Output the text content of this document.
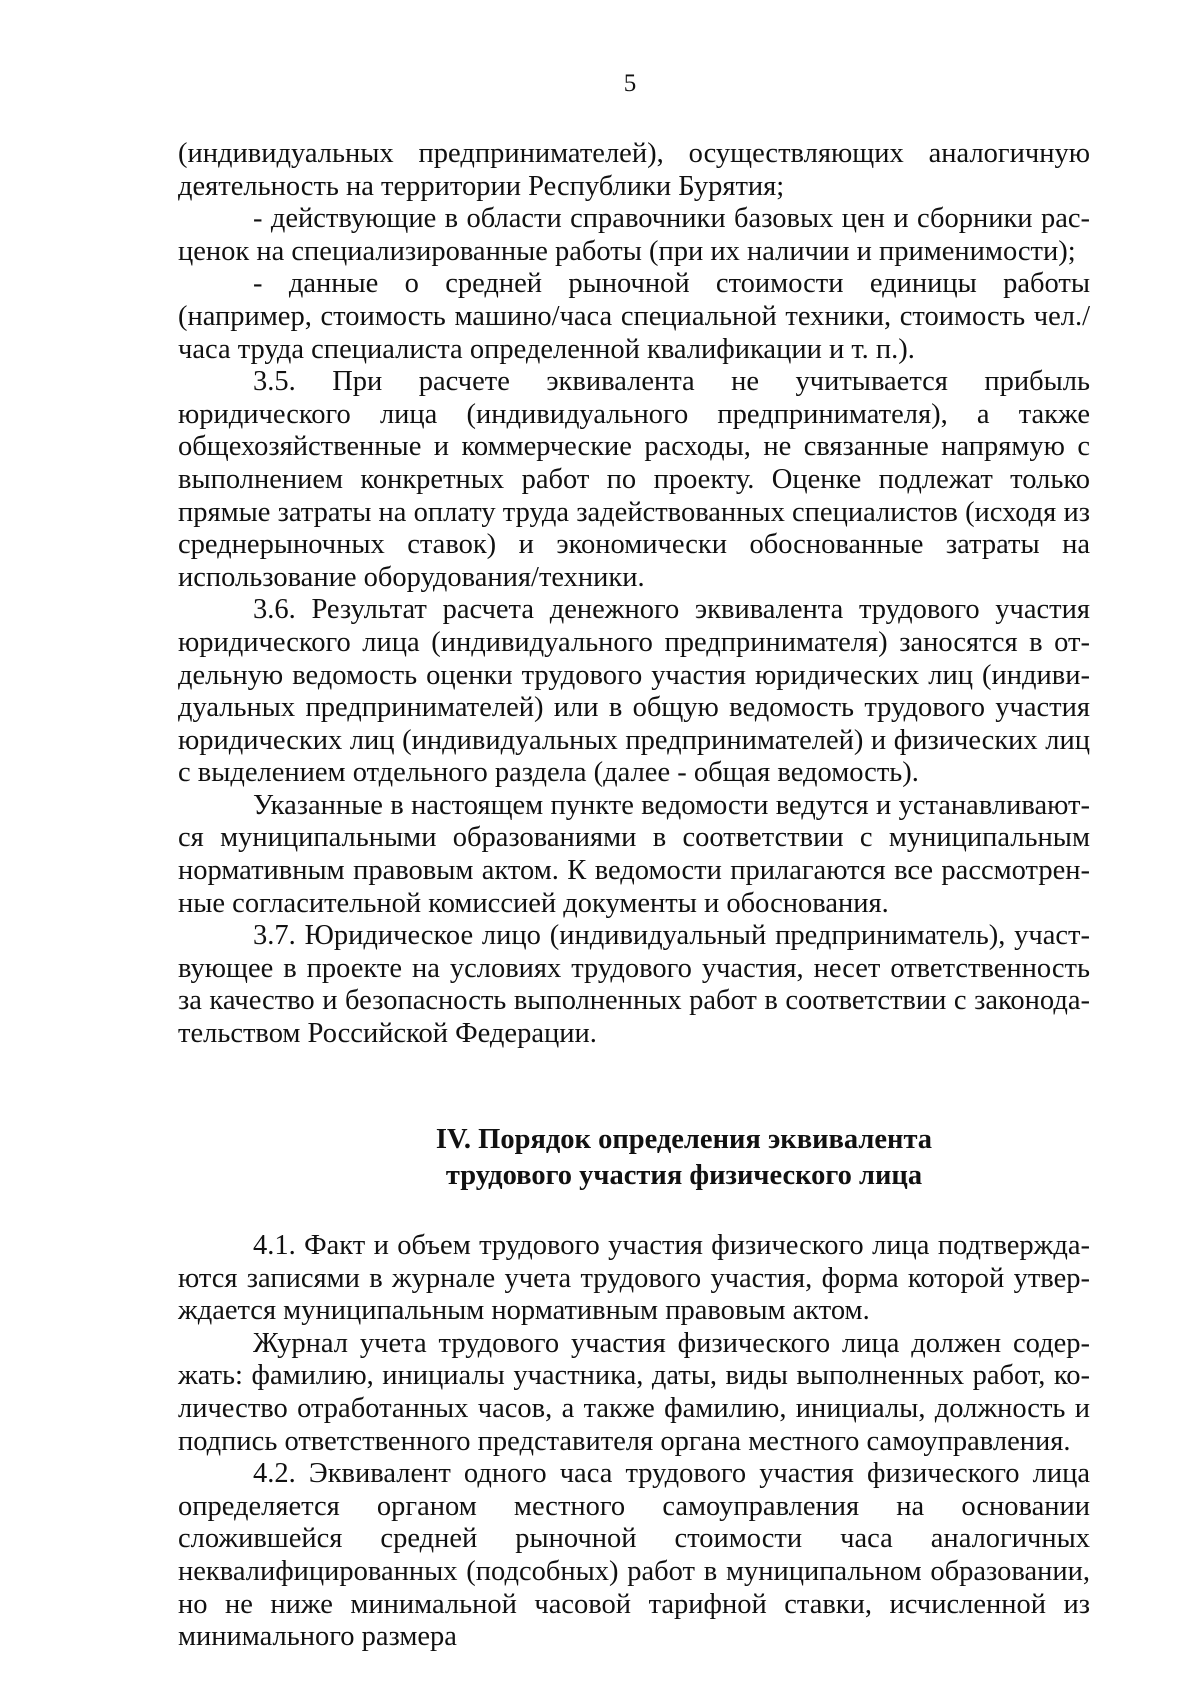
5

(индивидуальных предпринимателей), осуществляющих аналогичную деятельность на территории Республики Бурятия;

- действующие в области справочники базовых цен и сборники расценок на специализированные работы (при их наличии и применимости);

- данные о средней рыночной стоимости единицы работы (например, стоимость машино/часа специальной техники, стоимость чел./часа труда специалиста определенной квалификации и т. п.).

3.5. При расчете эквивалента не учитывается прибыль юридического лица (индивидуального предпринимателя), а также общехозяйственные и коммерческие расходы, не связанные напрямую с выполнением конкретных работ по проекту. Оценке подлежат только прямые затраты на оплату труда задействованных специалистов (исходя из среднерыночных ставок) и экономически обоснованные затраты на использование оборудования/техники.

3.6. Результат расчета денежного эквивалента трудового участия юридического лица (индивидуального предпринимателя) заносятся в отдельную ведомость оценки трудового участия юридических лиц (индивидуальных предпринимателей) или в общую ведомость трудового участия юридических лиц (индивидуальных предпринимателей) и физических лиц с выделением отдельного раздела (далее - общая ведомость).

Указанные в настоящем пункте ведомости ведутся и устанавливаются муниципальными образованиями в соответствии с муниципальным нормативным правовым актом. К ведомости прилагаются все рассмотренные согласительной комиссией документы и обоснования.

3.7. Юридическое лицо (индивидуальный предприниматель), участвующее в проекте на условиях трудового участия, несет ответственность за качество и безопасность выполненных работ в соответствии с законодательством Российской Федерации.

IV. Порядок определения эквивалента
трудового участия физического лица

4.1. Факт и объем трудового участия физического лица подтверждаются записями в журнале учета трудового участия, форма которой утверждается муниципальным нормативным правовым актом.

Журнал учета трудового участия физического лица должен содержать: фамилию, инициалы участника, даты, виды выполненных работ, количество отработанных часов, а также фамилию, инициалы, должность и подпись ответственного представителя органа местного самоуправления.

4.2. Эквивалент одного часа трудового участия физического лица определяется органом местного самоуправления на основании сложившейся средней рыночной стоимости часа аналогичных неквалифицированных (подсобных) работ в муниципальном образовании, но не ниже минимальной часовой тарифной ставки, исчисленной из минимального размера
